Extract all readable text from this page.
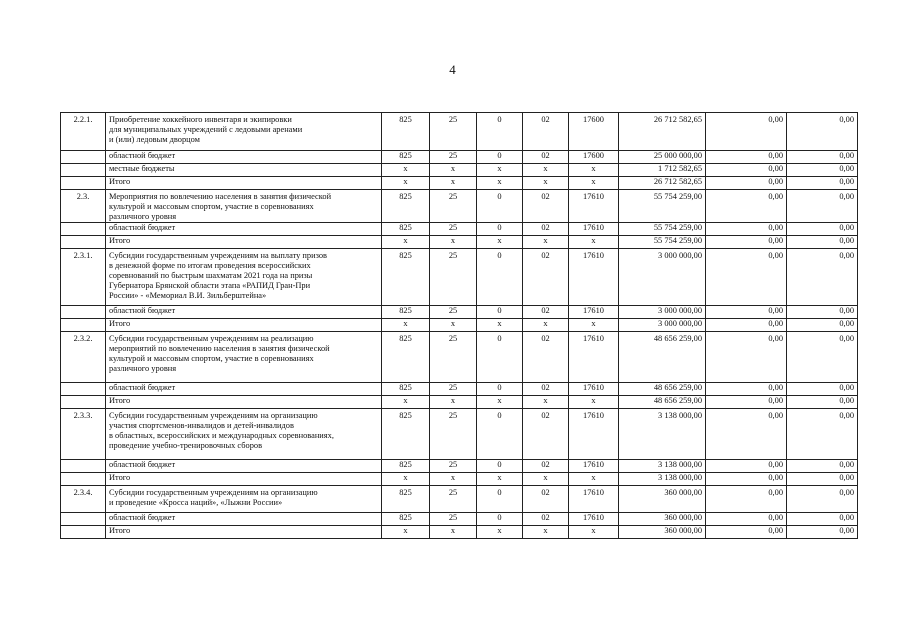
4
2.2.1.	Приобретение хоккейного инвентаря и экипировки
для муниципальных учреждений с ледовыми аренами
и (или) ледовым дворцом	825	25	0	02	17600	26 712 582,65	0,00	0,00
	областной бюджет	825	25	0	02	17600	25 000 000,00	0,00	0,00
	местные бюджеты	x	x	x	x	x	1 712 582,65	0,00	0,00
	Итого	x	x	x	x	x	26 712 582,65	0,00	0,00
2.3.	Мероприятия по вовлечению населения в занятия физической
культурой и массовым спортом, участие в соревнованиях
различного уровня	825	25	0	02	17610	55 754 259,00	0,00	0,00
	областной бюджет	825	25	0	02	17610	55 754 259,00	0,00	0,00
	Итого	x	x	x	x	x	55 754 259,00	0,00	0,00
2.3.1.	Субсидии государственным учреждениям на выплату призов
в денежной форме по итогам проведения всероссийских
соревнований по быстрым шахматам 2021 года на призы
Губернатора Брянской области этапа «РАПИД Гран-При
России» - «Мемориал В.И. Зильберштейна»	825	25	0	02	17610	3 000 000,00	0,00	0,00
	областной бюджет	825	25	0	02	17610	3 000 000,00	0,00	0,00
	Итого	x	x	x	x	x	3 000 000,00	0,00	0,00
2.3.2.	Субсидии государственным учреждениям на реализацию
мероприятий по вовлечению населения в занятия физической
культурой и массовым спортом, участие в соревнованиях
различного уровня	825	25	0	02	17610	48 656 259,00	0,00	0,00
	областной бюджет	825	25	0	02	17610	48 656 259,00	0,00	0,00
	Итого	x	x	x	x	x	48 656 259,00	0,00	0,00
2.3.3.	Субсидии государственным учреждениям на организацию
участия спортсменов-инвалидов и детей-инвалидов
в областных, всероссийских и международных соревнованиях,
проведение учебно-тренировочных сборов	825	25	0	02	17610	3 138 000,00	0,00	0,00
	областной бюджет	825	25	0	02	17610	3 138 000,00	0,00	0,00
	Итого	x	x	x	x	x	3 138 000,00	0,00	0,00
2.3.4.	Субсидии государственным учреждениям на организацию
и проведение «Кросса наций», «Лыжни России»	825	25	0	02	17610	360 000,00	0,00	0,00
	областной бюджет	825	25	0	02	17610	360 000,00	0,00	0,00
	Итого	x	x	x	x	x	360 000,00	0,00	0,00
